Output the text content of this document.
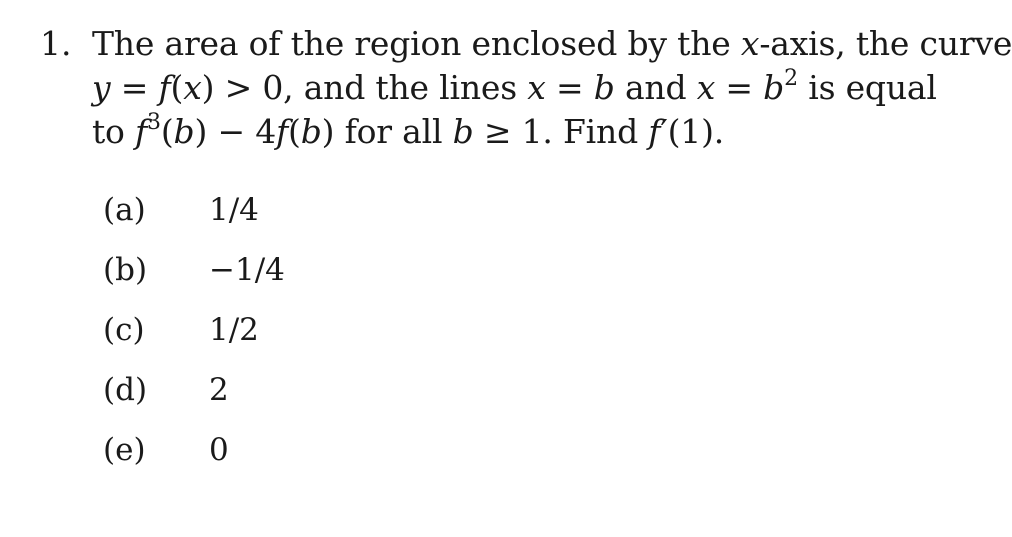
1. The area of the region enclosed by the x-axis, the curve
y = f(x) > 0, and the lines x = b and $x = b^2$ is equal
to $f^3(b) - 4f(b)$ for all b ≥ 1. Find f′(1).
(a) 1/4
(b) −1/4
(c) 1/2
(d) 2
(e) 0
